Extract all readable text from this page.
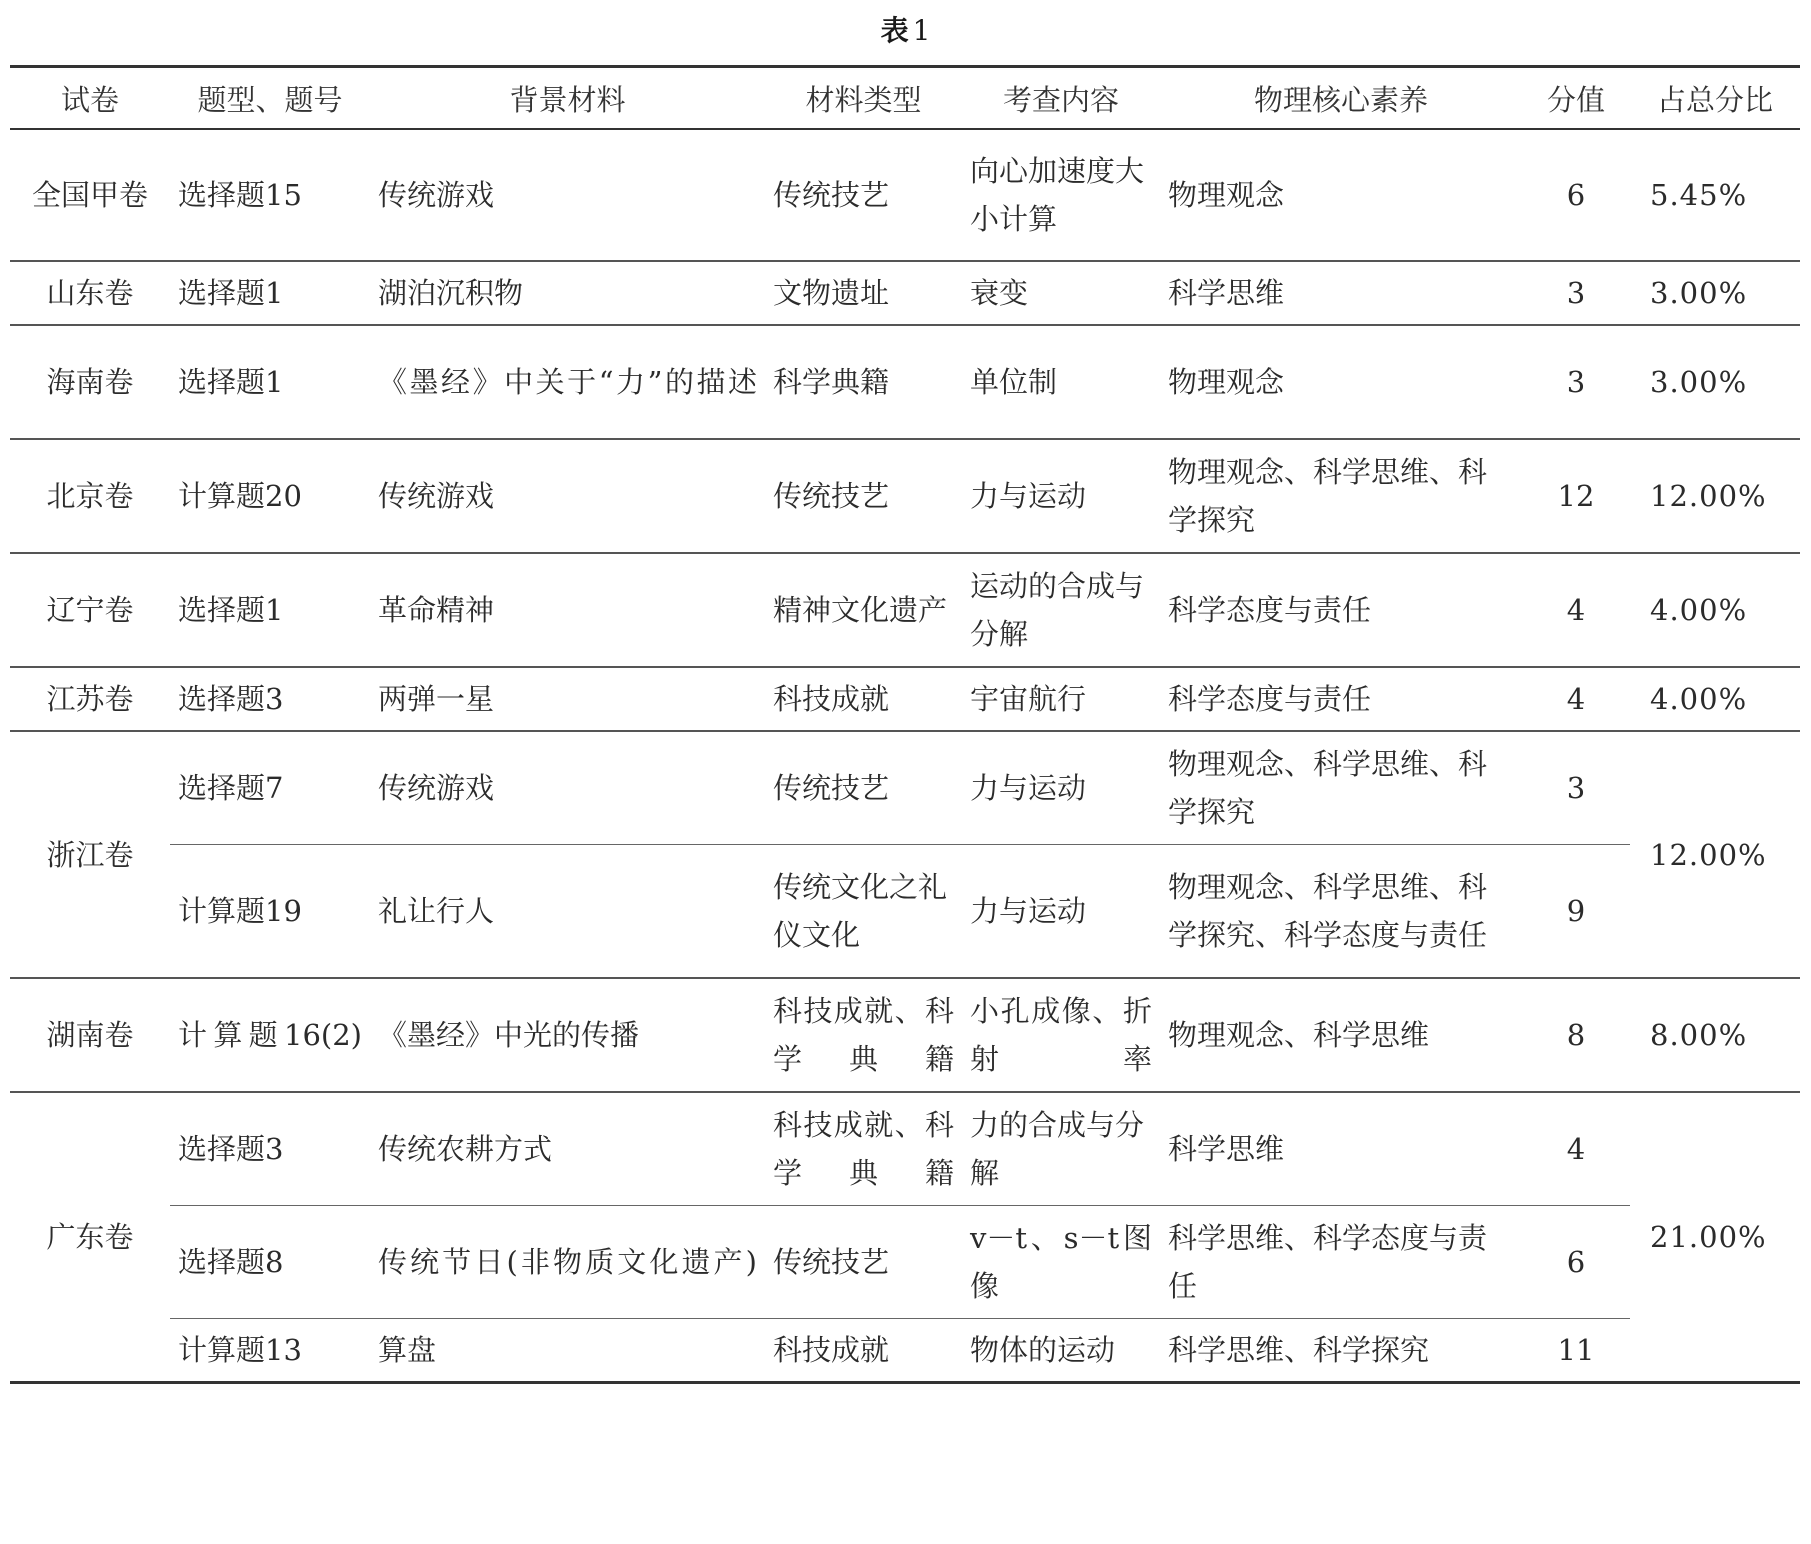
表 1
试卷	题型、题号	背景材料	材料类型	考查内容	物理核心素养	分值	占总分比
全国甲卷	选择题15	传统游戏	传统技艺	向心加速度大小计算	物理观念	6	5.45%
山东卷	选择题1	湖泊沉积物	文物遗址	衰变	科学思维	3	3.00%
海南卷	选择题1	《墨经》中关于“力”的描述	科学典籍	单位制	物理观念	3	3.00%
北京卷	计算题20	传统游戏	传统技艺	力与运动	物理观念、科学思维、科学探究	12	12.00%
辽宁卷	选择题1	革命精神	精神文化遗产	运动的合成与分解	科学态度与责任	4	4.00%
江苏卷	选择题3	两弹一星	科技成就	宇宙航行	科学态度与责任	4	4.00%
浙江卷	选择题7	传统游戏	传统技艺	力与运动	物理观念、科学思维、科学探究	3	12.00%
	计算题19	礼让行人	传统文化之礼仪文化	力与运动	物理观念、科学思维、科学探究、科学态度与责任	9	
湖南卷	计算题16(2)	《墨经》中光的传播	科技成就、科学典籍	小孔成像、折射率	物理观念、科学思维	8	8.00%
广东卷	选择题3	传统农耕方式	科技成就、科学典籍	力的合成与分解	科学思维	4	21.00%
	选择题8	传统节日(非物质文化遗产)	传统技艺	v－t、s－t图像	科学思维、科学态度与责任	6	
	计算题13	算盘	科技成就	物体的运动	科学思维、科学探究	11	
